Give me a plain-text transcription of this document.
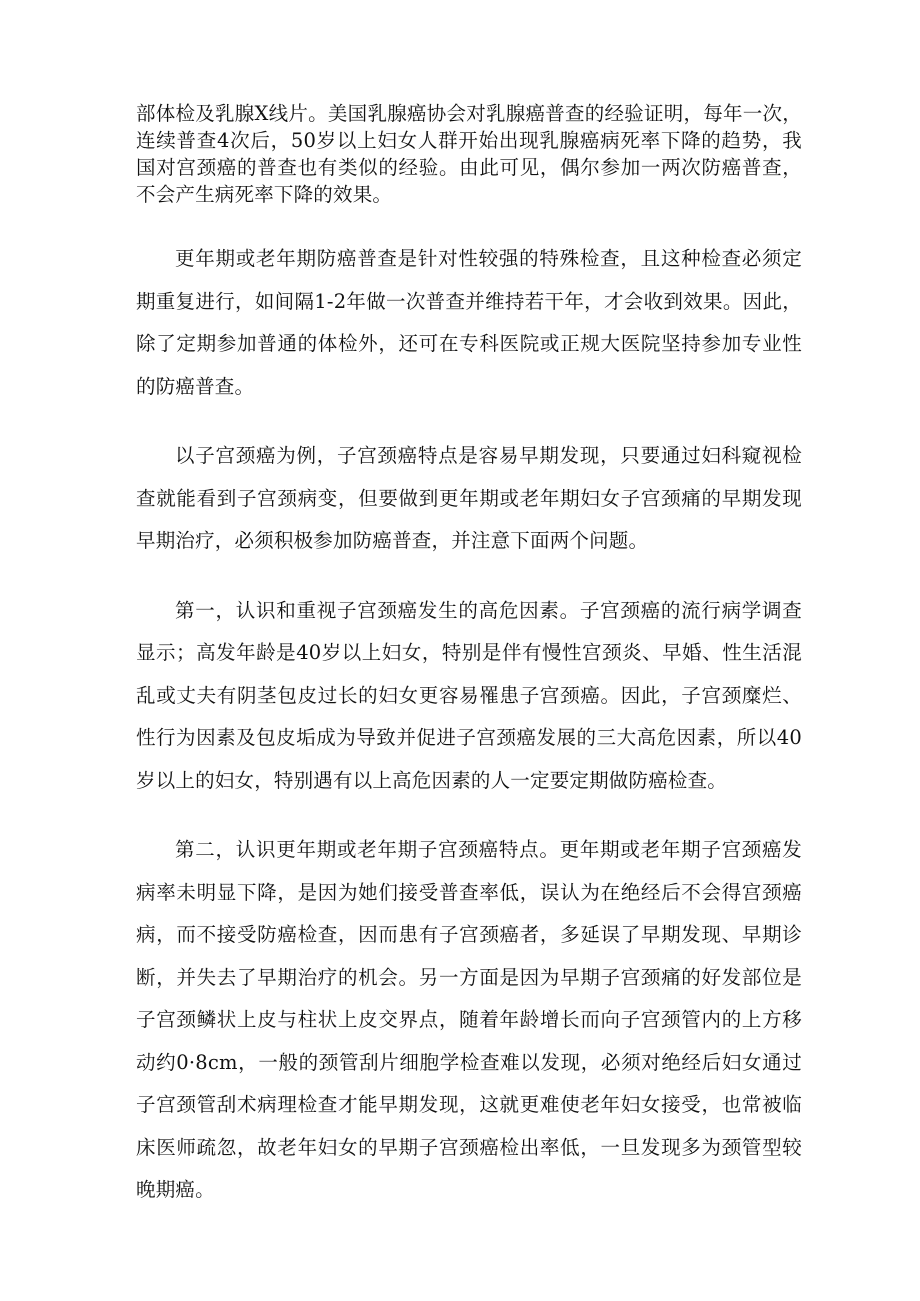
部体检及乳腺X线片。美国乳腺癌协会对乳腺癌普查的经验证明，每年一次，连续普查4次后，50岁以上妇女人群开始出现乳腺癌病死率下降的趋势，我国对宫颈癌的普查也有类似的经验。由此可见，偶尔参加一两次防癌普查，不会产生病死率下降的效果。

更年期或老年期防癌普查是针对性较强的特殊检查，且这种检查必须定期重复进行，如间隔1-2年做一次普查并维持若干年，才会收到效果。因此，除了定期参加普通的体检外，还可在专科医院或正规大医院坚持参加专业性的防癌普查。

以子宫颈癌为例，子宫颈癌特点是容易早期发现，只要通过妇科窥视检查就能看到子宫颈病变，但要做到更年期或老年期妇女子宫颈痛的早期发现早期治疗，必须积极参加防癌普查，并注意下面两个问题。

第一，认识和重视子宫颈癌发生的高危因素。子宫颈癌的流行病学调查显示；高发年龄是40岁以上妇女，特别是伴有慢性宫颈炎、早婚、性生活混乱或丈夫有阴茎包皮过长的妇女更容易罹患子宫颈癌。因此，子宫颈糜烂、性行为因素及包皮垢成为导致并促进子宫颈癌发展的三大高危因素，所以40岁以上的妇女，特别遇有以上高危因素的人一定要定期做防癌检查。

第二，认识更年期或老年期子宫颈癌特点。更年期或老年期子宫颈癌发病率未明显下降，是因为她们接受普查率低，误认为在绝经后不会得宫颈癌病，而不接受防癌检查，因而患有子宫颈癌者，多延误了早期发现、早期诊断，并失去了早期治疗的机会。另一方面是因为早期子宫颈痛的好发部位是子宫颈鳞状上皮与柱状上皮交界点，随着年龄增长而向子宫颈管内的上方移动约0·8cm，一般的颈管刮片细胞学检查难以发现，必须对绝经后妇女通过子宫颈管刮术病理检查才能早期发现，这就更难使老年妇女接受，也常被临床医师疏忽，故老年妇女的早期子宫颈癌检出率低，一旦发现多为颈管型较晚期癌。
